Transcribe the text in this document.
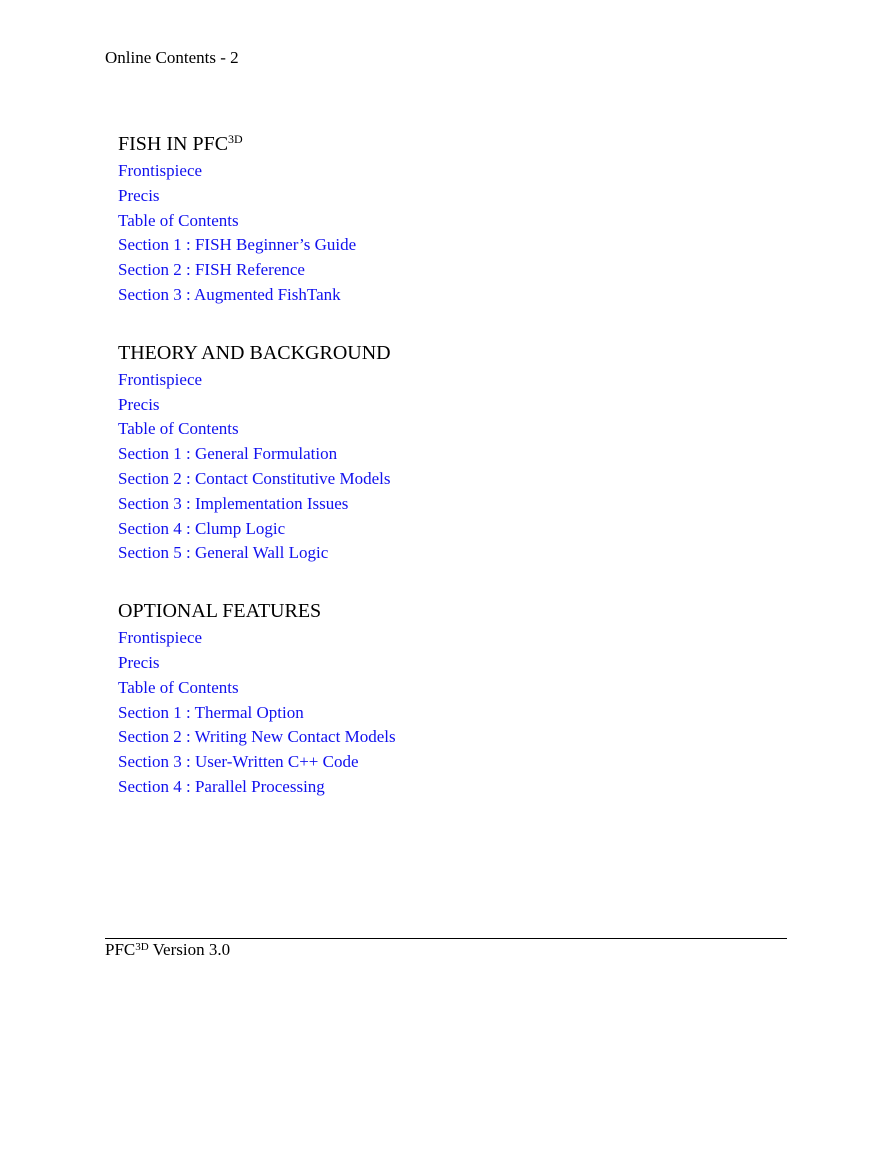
Online Contents - 2
FISH IN $PFC^{3D}$
Frontispiece
Precis
Table of Contents
Section 1 : FISH Beginner’s Guide
Section 2 : FISH Reference
Section 3 : Augmented FishTank
THEORY AND BACKGROUND
Frontispiece
Precis
Table of Contents
Section 1 : General Formulation
Section 2 : Contact Constitutive Models
Section 3 : Implementation Issues
Section 4 : Clump Logic
Section 5 : General Wall Logic
OPTIONAL FEATURES
Frontispiece
Precis
Table of Contents
Section 1 : Thermal Option
Section 2 : Writing New Contact Models
Section 3 : User-Written C++ Code
Section 4 : Parallel Processing
$PFC^{3D}$ Version 3.0
